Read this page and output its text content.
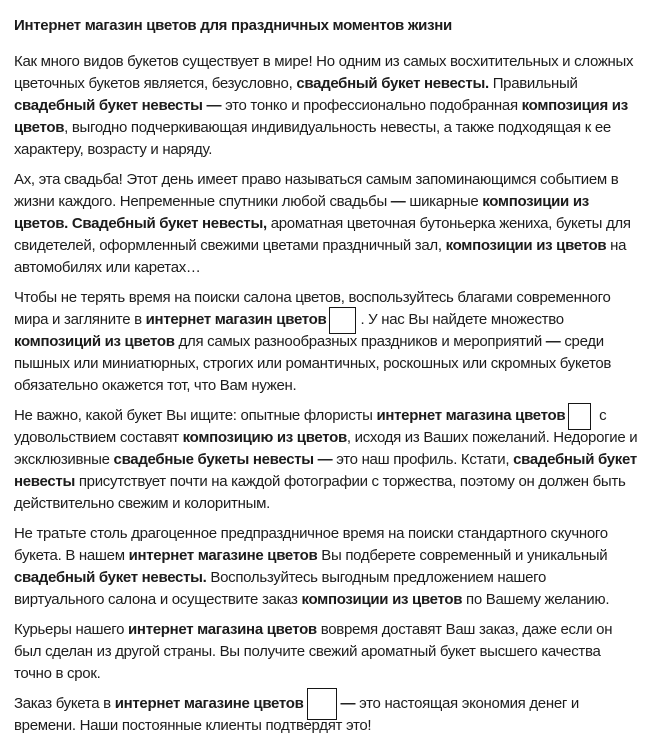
Интернет магазин цветов для праздничных моментов жизни

Как много видов букетов существует в мире! Но одним из самых восхитительных и сложных цветочных букетов является, безусловно, свадебный букет невесты. Правильный свадебный букет невесты — это тонко и профессионально подобранная композиция из цветов, выгодно подчеркивающая индивидуальность невесты, а также подходящая к ее характеру, возрасту и наряду.

Ах, эта свадьба! Этот день имеет право называться самым запоминающимся событием в жизни каждого. Непременные спутники любой свадьбы — шикарные композиции из цветов. Свадебный букет невесты, ароматная цветочная бутоньерка жениха, букеты для свидетелей, оформленный свежими цветами праздничный зал, композиции из цветов на автомобилях или каретах…

Чтобы не терять время на поиски салона цветов, воспользуйтесь благами современного мира и загляните в интернет магазин цветов . У нас Вы найдете множество композиций из цветов для самых разнообразных праздников и мероприятий — среди пышных или миниатюрных, строгих или романтичных, роскошных или скромных букетов обязательно окажется тот, что Вам нужен.

Не важно, какой букет Вы ищите: опытные флористы интернет магазина цветов с удовольствием составят композицию из цветов, исходя из Ваших пожеланий. Недорогие и эксклюзивные свадебные букеты невесты — это наш профиль. Кстати, свадебный букет невесты присутствует почти на каждой фотографии с торжества, поэтому он должен быть действительно свежим и колоритным.

Не тратьте столь драгоценное предпраздничное время на поиски стандартного скучного букета. В нашем интернет магазине цветов Вы подберете современный и уникальный свадебный букет невесты. Воспользуйтесь выгодным предложением нашего виртуального салона и осуществите заказ композиции из цветов по Вашему желанию.

Курьеры нашего интернет магазина цветов вовремя доставят Ваш заказ, даже если он был сделан из другой страны. Вы получите свежий ароматный букет высшего качества точно в срок.

Заказ букета в интернет магазине цветов — это настоящая экономия денег и времени. Наши постоянные клиенты подтвердят это!
